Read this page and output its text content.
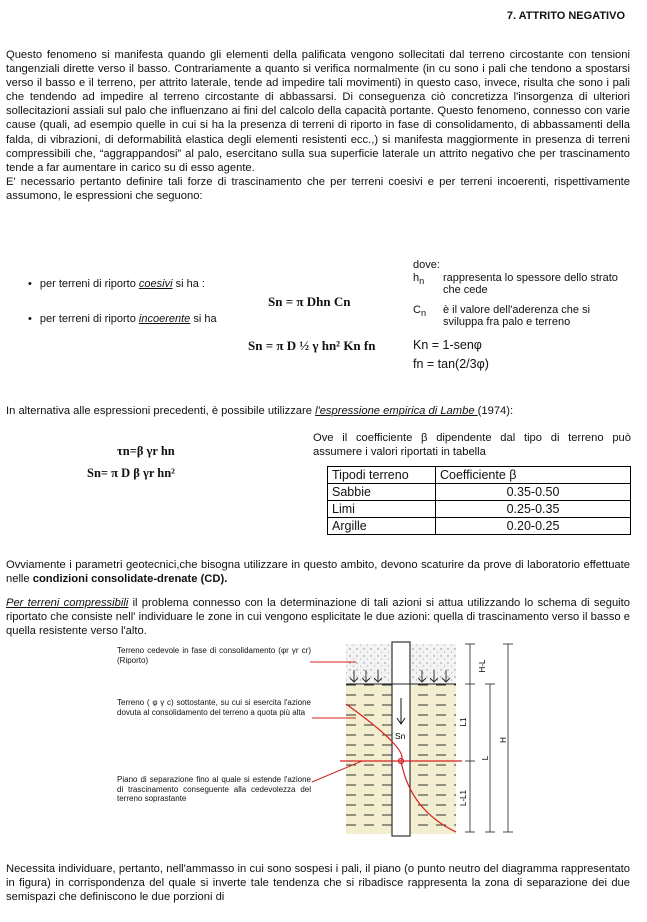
7. ATTRITO NEGATIVO
Questo fenomeno si manifesta quando gli elementi della palificata vengono sollecitati dal terreno circostante con tensioni tangenziali dirette verso il basso. Contrariamente a quanto si verifica normalmente (in cu sono i pali che tendono a spostarsi verso il basso e il terreno, per attrito laterale, tende ad impedire tali movimenti) in questo caso, invece, risulta che sono i pali che tendendo ad impedire al terreno circostante di abbassarsi. Di conseguenza ciò concretizza l'insorgenza di ulteriori sollecitazioni assiali sul palo che influenzano ai fini del calcolo della capacità portante. Questo fenomeno, connesso con varie cause (quali, ad esempio quelle in cui si ha la presenza di terreni di riporto in fase di consolidamento, di abbassamenti della falda, di vibrazioni, di deformabilità elastica degli elementi resistenti ecc.,) si manifesta maggiormente in presenza di terreni compressibili che, “aggrappandosi” al palo, esercitano sulla sua superficie laterale un attrito negativo che per trascinamento tende a far aumentare in carico su di esso agente.
E' necessario pertanto definire tali forze di trascinamento che per terreni coesivi e per terreni incoerenti, rispettivamente assumono, le espressioni che seguono:
• per terreni di riporto coesivi si ha :
• per terreni di riporto incoerente si ha
Sn = π Dhn Cn
Sn = π D ½ γ hn² Kn fn
dove:
$h_n$ rappresenta lo spessore dello strato che cede
$C_n$ è il valore dell'aderenza che si sviluppa fra palo e terreno
Kn = 1-senφ
fn = tan(2/3φ)
In alternativa alle espressioni precedenti, è possibile utilizzare l'espressione empirica di Lambe (1974):
τn=β γr hn
Sn= π D β γr hn²
Ove il coefficiente β dipendente dal tipo di terreno può assumere i valori riportati in tabella
Tipodi terreno	Coefficiente β
Sabbie	0.35-0.50
Limi	0.25-0.35
Argille	0.20-0.25
Ovviamente i parametri geotecnici,che bisogna utilizzare in questo ambito, devono scaturire da prove di laboratorio effettuate nelle condizioni consolidate-drenate (CD).
Per terreni compressibili il problema connesso con la determinazione di tali azioni si attua utilizzando lo schema di seguito riportato che consiste nell' individuare le zone in cui vengono esplicitate le due azioni: quella di trascinamento verso il basso e quella resistente verso l'alto.
Terreno cedevole in fase di consolidamento (φr γr cr) (Riporto)
Terreno ( φ γ c) sottostante, su cui si esercita l'azione dovuta al consolidamento del terreno a quota più alta
Piano di separazione fino al quale si estende l'azione di trascinamento conseguente alla cedevolezza del terreno soprastante
Sn
H-L
L1
L
H
L-L1
Necessita individuare, pertanto, nell'ammasso in cui sono sospesi i pali, il piano (o punto neutro del diagramma rappresentato in figura) in corrispondenza del quale si inverte tale tendenza che si ribadisce rappresenta la zona di separazione dei due semispazi che definiscono le due porzioni di
